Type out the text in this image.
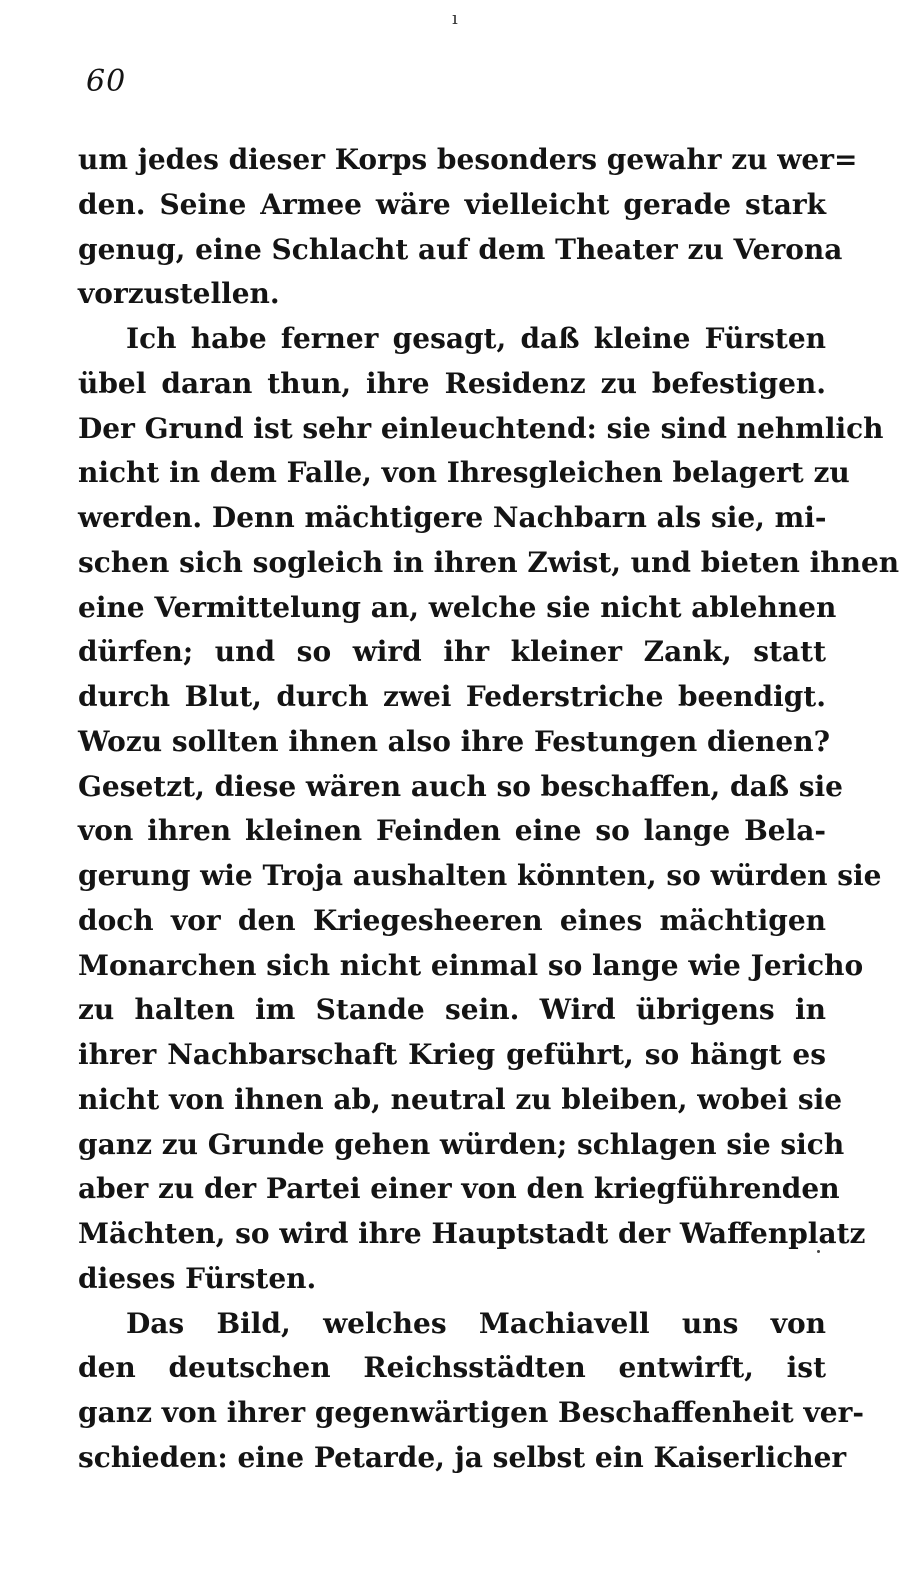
ı
60
um jedes dieser Korps besonders gewahr zu wer=
den. Seine Armee wäre vielleicht gerade stark
genug, eine Schlacht auf dem Theater zu Verona
vorzustellen.
Ich habe ferner gesagt, daß kleine Fürsten
übel daran thun, ihre Residenz zu befestigen.
Der Grund ist sehr einleuchtend: sie sind nehmlich
nicht in dem Falle, von Ihresgleichen belagert zu
werden. Denn mächtigere Nachbarn als sie, mi-
schen sich sogleich in ihren Zwist, und bieten ihnen
eine Vermittelung an, welche sie nicht ablehnen
dürfen; und so wird ihr kleiner Zank, statt
durch Blut, durch zwei Federstriche beendigt.
Wozu sollten ihnen also ihre Festungen dienen?
Gesetzt, diese wären auch so beschaffen, daß sie
von ihren kleinen Feinden eine so lange Bela-
gerung wie Troja aushalten könnten, so würden sie
doch vor den Kriegesheeren eines mächtigen
Monarchen sich nicht einmal so lange wie Jericho
zu halten im Stande sein. Wird übrigens in
ihrer Nachbarschaft Krieg geführt, so hängt es
nicht von ihnen ab, neutral zu bleiben, wobei sie
ganz zu Grunde gehen würden; schlagen sie sich
aber zu der Partei einer von den kriegführenden
Mächten, so wird ihre Hauptstadt der Waffenplatz
dieses Fürsten.
Das Bild, welches Machiavell uns von
den deutschen Reichsstädten entwirft, ist
ganz von ihrer gegenwärtigen Beschaffenheit ver-
schieden: eine Petarde, ja selbst ein Kaiserlicher
